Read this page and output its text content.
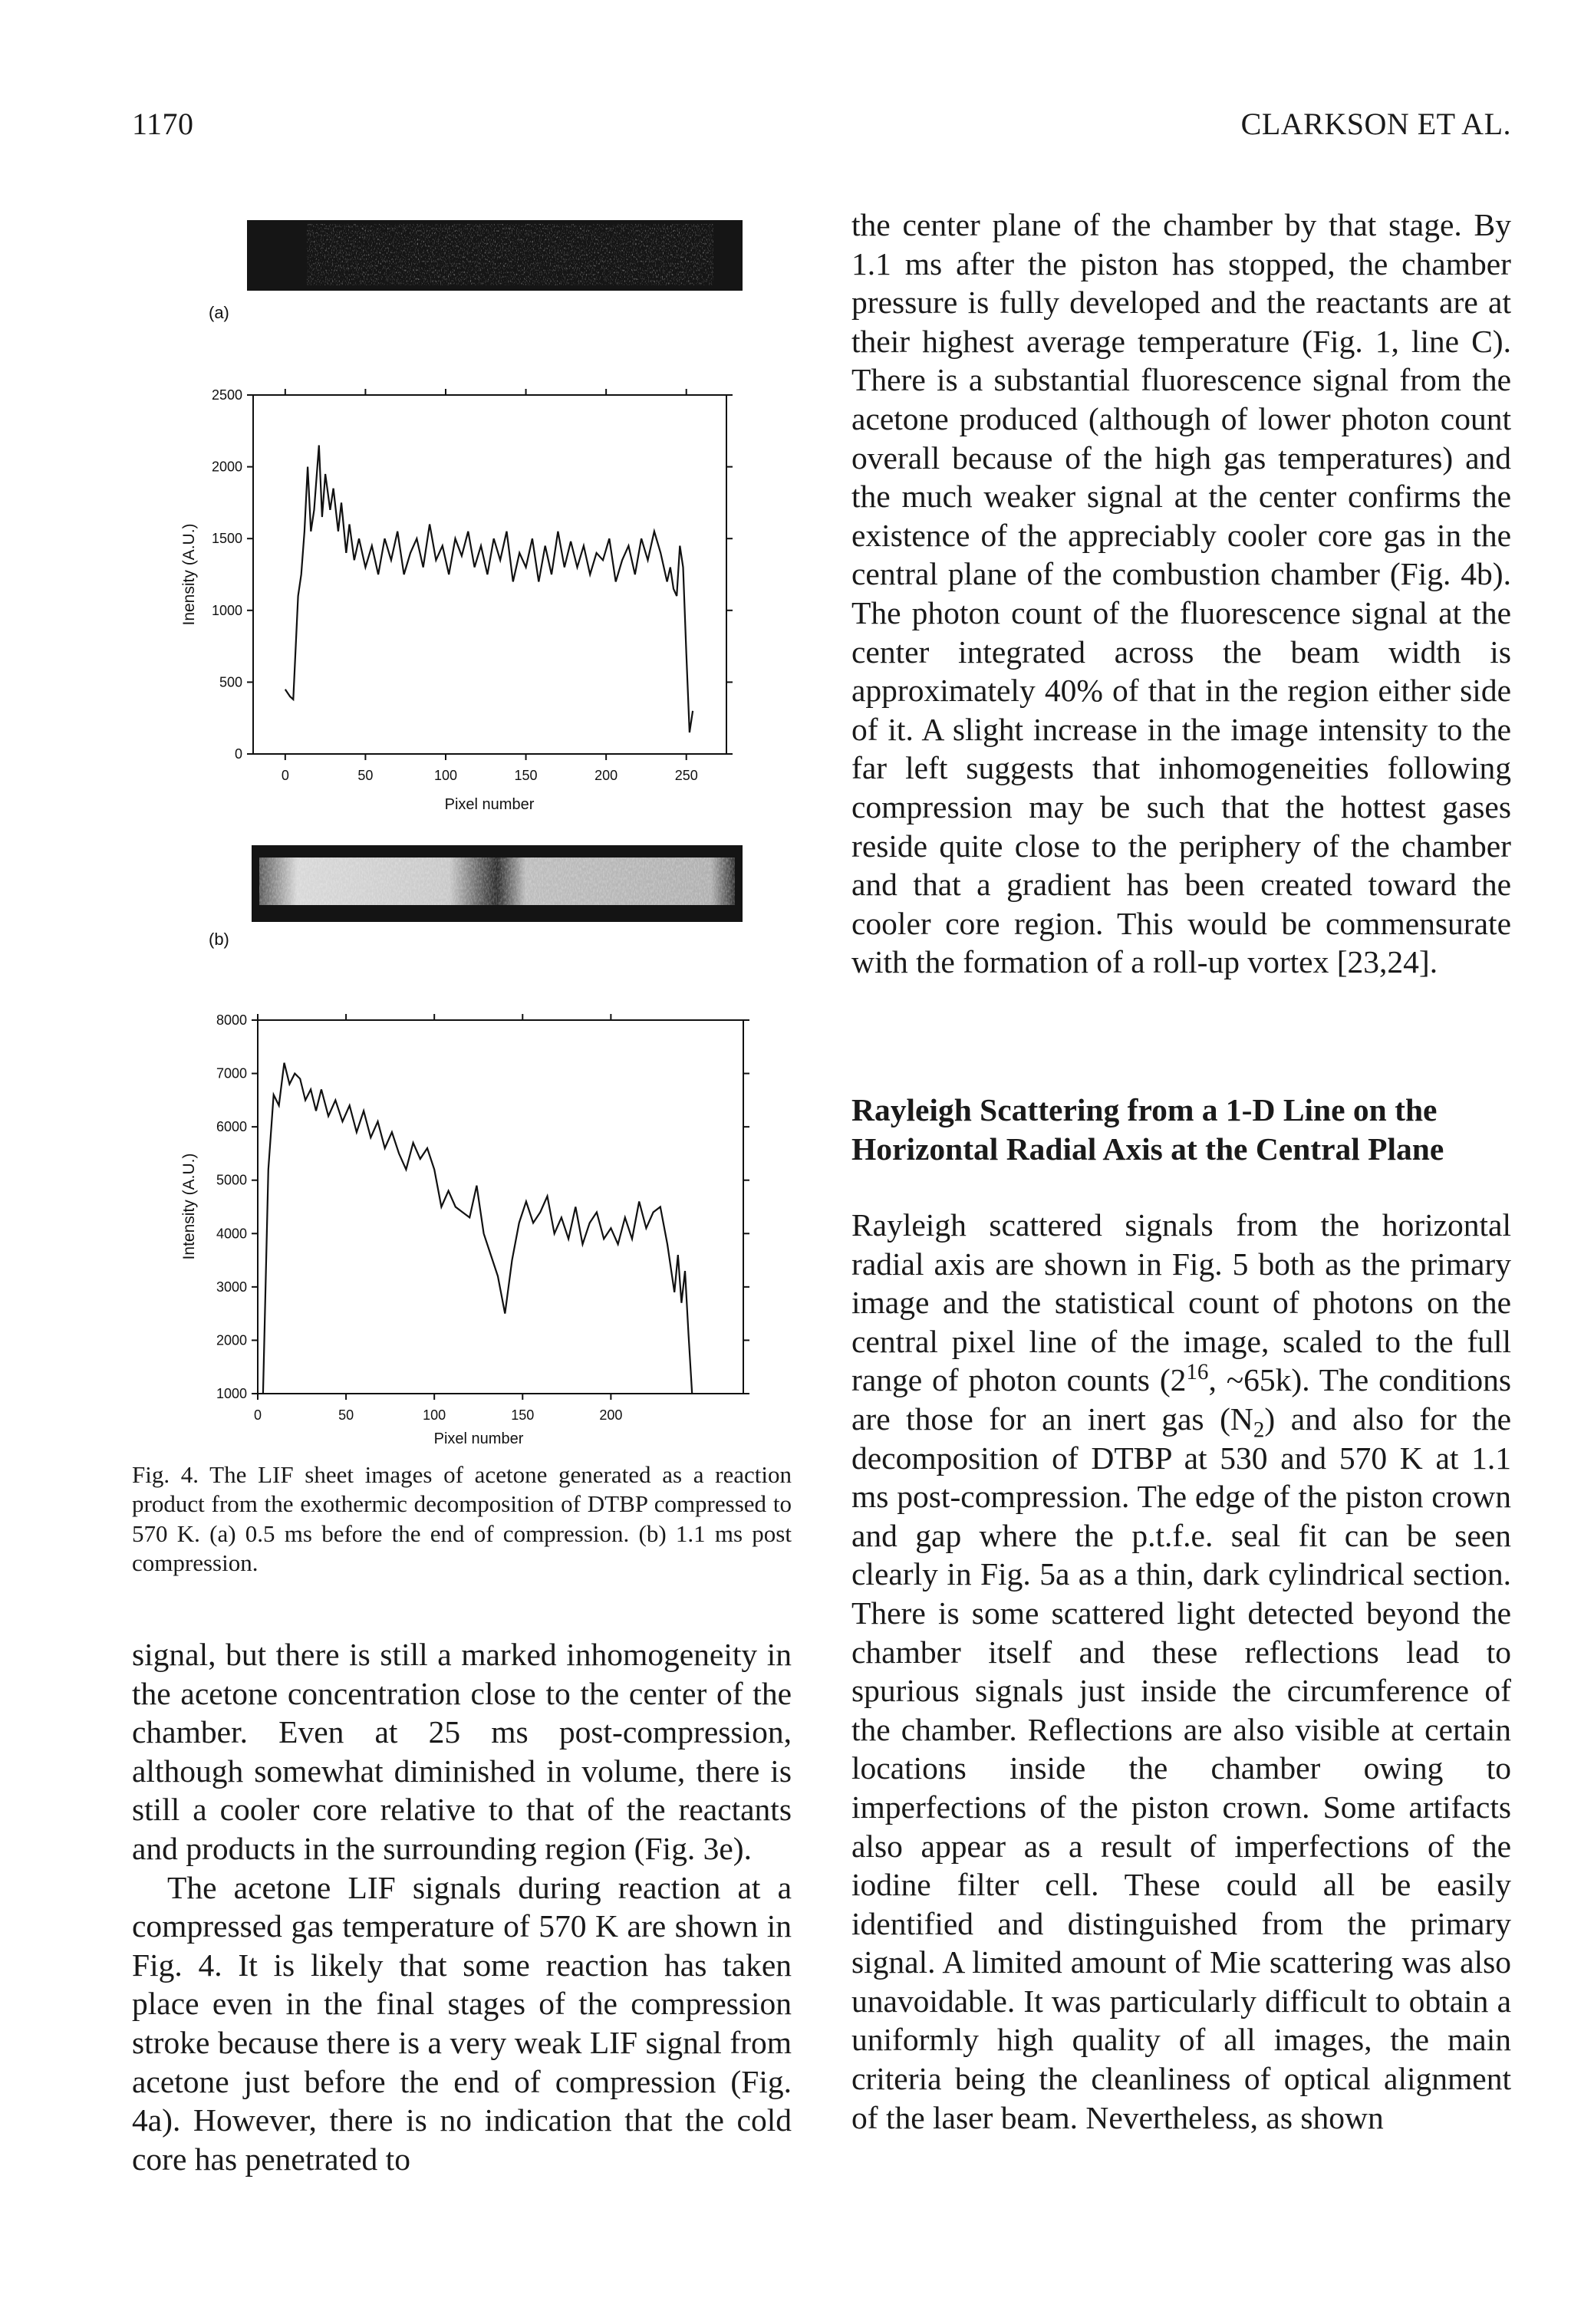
1170	CLARKSON ET AL.
(a)
0
500
1000
1500
2000
2500
0	50	100	150	200	250
Pixel number
Inensity (A.U.)
(b)
1000
2000
3000
4000
5000
6000
7000
8000
0	50	100	150	200
Pixel number
Intensity (A.U.)
Fig. 4. The LIF sheet images of acetone generated as a reaction product from the exothermic decomposition of DTBP compressed to 570 K. (a) 0.5 ms before the end of compression. (b) 1.1 ms post compression.

signal, but there is still a marked inhomogeneity in the acetone concentration close to the center of the chamber. Even at 25 ms post-compression, although somewhat diminished in volume, there is still a cooler core relative to that of the reactants and products in the surrounding region (Fig. 3e).

The acetone LIF signals during reaction at a compressed gas temperature of 570 K are shown in Fig. 4. It is likely that some reaction has taken place even in the final stages of the compression stroke because there is a very weak LIF signal from acetone just before the end of compression (Fig. 4a). However, there is no indication that the cold core has penetrated to

the center plane of the chamber by that stage. By 1.1 ms after the piston has stopped, the chamber pressure is fully developed and the reactants are at their highest average temperature (Fig. 1, line C). There is a substantial fluorescence signal from the acetone produced (although of lower photon count overall because of the high gas temperatures) and the much weaker signal at the center confirms the existence of the appreciably cooler core gas in the central plane of the combustion chamber (Fig. 4b). The photon count of the fluorescence signal at the center integrated across the beam width is approximately 40% of that in the region either side of it. A slight increase in the image intensity to the far left suggests that inhomogeneities following compression may be such that the hottest gases reside quite close to the periphery of the chamber and that a gradient has been created toward the cooler core region. This would be commensurate with the formation of a roll-up vortex [23,24].

Rayleigh Scattering from a 1-D Line on the Horizontal Radial Axis at the Central Plane

Rayleigh scattered signals from the horizontal radial axis are shown in Fig. 5 both as the primary image and the statistical count of photons on the central pixel line of the image, scaled to the full range of photon counts ($2^{16}$, ~65k). The conditions are those for an inert gas $(N_2)$ and also for the decomposition of DTBP at 530 and 570 K at 1.1 ms post-compression. The edge of the piston crown and gap where the p.t.f.e. seal fit can be seen clearly in Fig. 5a as a thin, dark cylindrical section. There is some scattered light detected beyond the chamber itself and these reflections lead to spurious signals just inside the circumference of the chamber. Reflections are also visible at certain locations inside the chamber owing to imperfections of the piston crown. Some artifacts also appear as a result of imperfections of the iodine filter cell. These could all be easily identified and distinguished from the primary signal. A limited amount of Mie scattering was also unavoidable. It was particularly difficult to obtain a uniformly high quality of all images, the main criteria being the cleanliness of optical alignment of the laser beam. Nevertheless, as shown
